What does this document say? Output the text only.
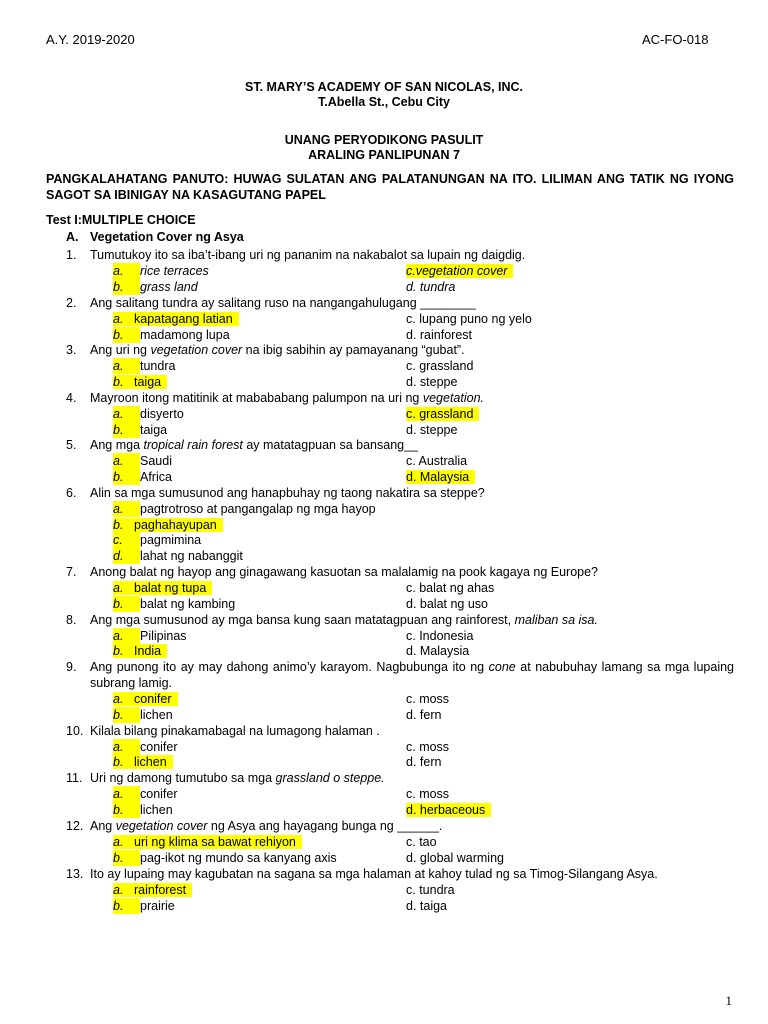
A.Y. 2019-2020	AC-FO-018
ST. MARY’S ACADEMY OF SAN NICOLAS, INC.
T.Abella St., Cebu City
UNANG PERYODIKONG PASULIT
ARALING PANLIPUNAN 7
PANGKALAHATANG PANUTO: HUWAG SULATAN ANG PALATANUNGAN NA ITO. LILIMAN ANG TATIK NG IYONG SAGOT SA IBINIGAY NA KASAGUTANG PAPEL
Test I:MULTIPLE CHOICE
A. Vegetation Cover ng Asya
1.	Tumutukoy ito sa iba’t-ibang uri ng pananim na nakabalot sa lupain ng daigdig.
a. rice terraces
b. grass land
c.vegetation cover
d. tundra
2.	Ang salitang tundra ay salitang ruso na nangangahulugang ________
a. kapatagang latian
b. madamong lupa
c. lupang puno ng yelo
d. rainforest
3.	Ang uri ng vegetation cover na ibig sabihin ay pamayanang “gubat”.
a. tundra
b. taiga
c. grassland
d. steppe
4.	Mayroon itong matitinik at mabababang palumpon na uri ng vegetation.
a. disyerto
b. taiga
c. grassland
d. steppe
5.	Ang mga tropical rain forest ay matatagpuan sa bansang__
a. Saudi
b. Africa
c. Australia
d. Malaysia
6.	Alin sa mga sumusunod ang hanapbuhay ng taong nakatira sa steppe?
a. pagtrotroso at pangangalap ng mga hayop
b. paghahayupan
c. pagmimina
d. lahat ng nabanggit
7.	Anong balat ng hayop ang ginagawang kasuotan sa malalamig na pook kagaya ng Europe?
a. balat ng tupa
b. balat ng kambing
c. balat ng ahas
d. balat ng uso
8.	Ang mga sumusunod ay mga bansa kung saan matatagpuan ang rainforest, maliban sa isa.
a. Pilipinas
b. India
c. Indonesia
d. Malaysia
9.	Ang punong ito ay may dahong animo’y karayom. Nagbubunga ito ng cone at nabubuhay lamang sa mga lupaing subrang lamig.
a. conifer
b. lichen
c. moss
d. fern
10. Kilala bilang pinakamabagal na lumagong halaman .
a. conifer
b. lichen
c. moss
d. fern
11. Uri ng damong tumutubo sa mga grassland o steppe.
a. conifer
b. lichen
c. moss
d. herbaceous
12. Ang vegetation cover ng Asya ang hayagang bunga ng ______.
a. uri ng klima sa bawat rehiyon
b. pag-ikot ng mundo sa kanyang axis
c. tao
d. global warming
13. Ito ay lupaing may kagubatan na sagana sa mga halaman at kahoy tulad ng sa Timog-Silangang Asya.
a. rainforest
b. prairie
c. tundra
d. taiga
1
